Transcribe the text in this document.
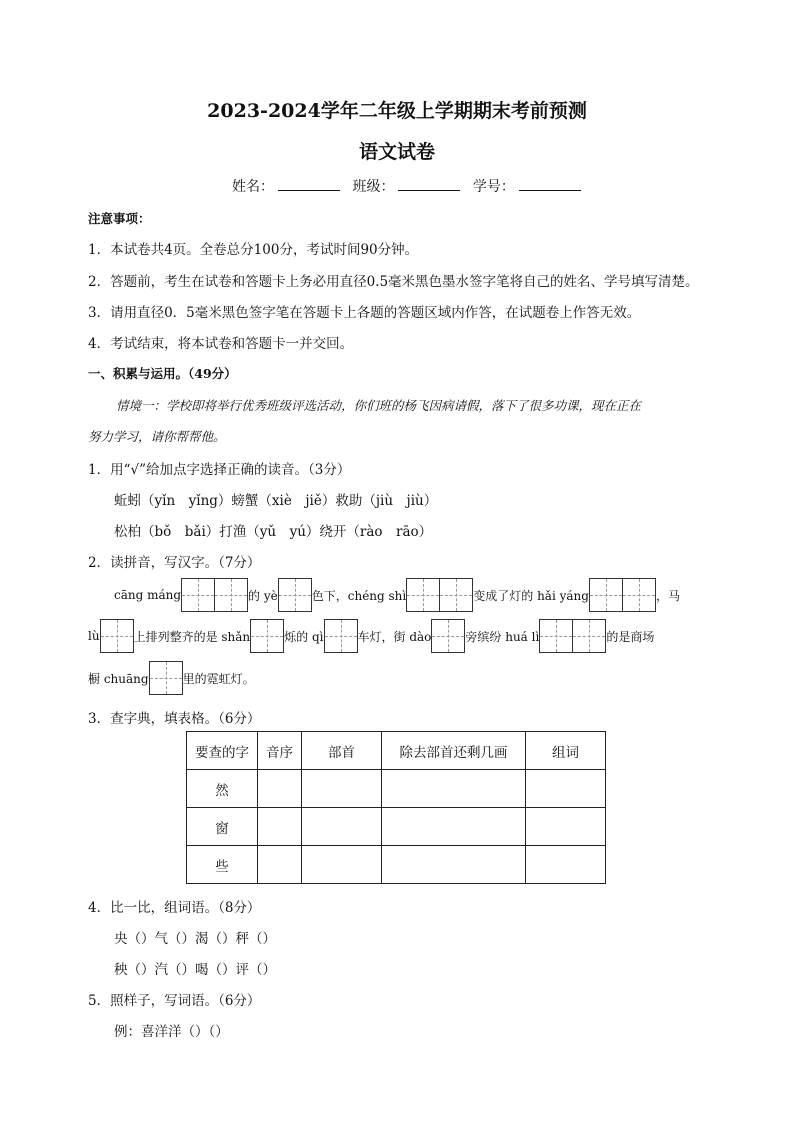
2023-2024学年二年级上学期期末考前预测
语文试卷
姓名：	班级：	学号：
注意事项：
1．本试卷共4页。全卷总分100分，考试时间90分钟。
2．答题前，考生在试卷和答题卡上务必用直径0.5毫米黑色墨水签字笔将自己的姓名、学号填写清楚。
3．请用直径0．5毫米黑色签字笔在答题卡上各题的答题区域内作答，在试题卷上作答无效。
4．考试结束，将本试卷和答题卡一并交回。
一、积累与运用。（49分）
情境一：学校即将举行优秀班级评选活动，你们班的杨飞因病请假，落下了很多功课，现在正在
努力学习，请你帮帮他。
1．用“√”给加点字选择正确的读音。（3分）
蚯蚓（yǐn　yǐng）螃蟹（xiè　jiě）救助（jiù　jiù）
松柏（bǒ　bǎi）打渔（yǔ　yú）绕开（rào　rāo）
2．读拼音，写汉字。（7分）
cāng máng	的 yè	色下，chéng shì	变成了灯的 hǎi yáng	，马
lù	上排列整齐的是 shǎn	烁的 qì	车灯，街 dào	旁缤纷 huá lì	的是商场
橱 chuāng	里的霓虹灯。
3．查字典，填表格。（6分）
要查的字	音序	部首	除去部首还剩几画	组词
然				
窗				
些				
4．比一比，组词语。（8分）
央（）气（）渴（）秤（）
秧（）汽（）喝（）评（）
5．照样子，写词语。（6分）
例：喜洋洋（）（）
